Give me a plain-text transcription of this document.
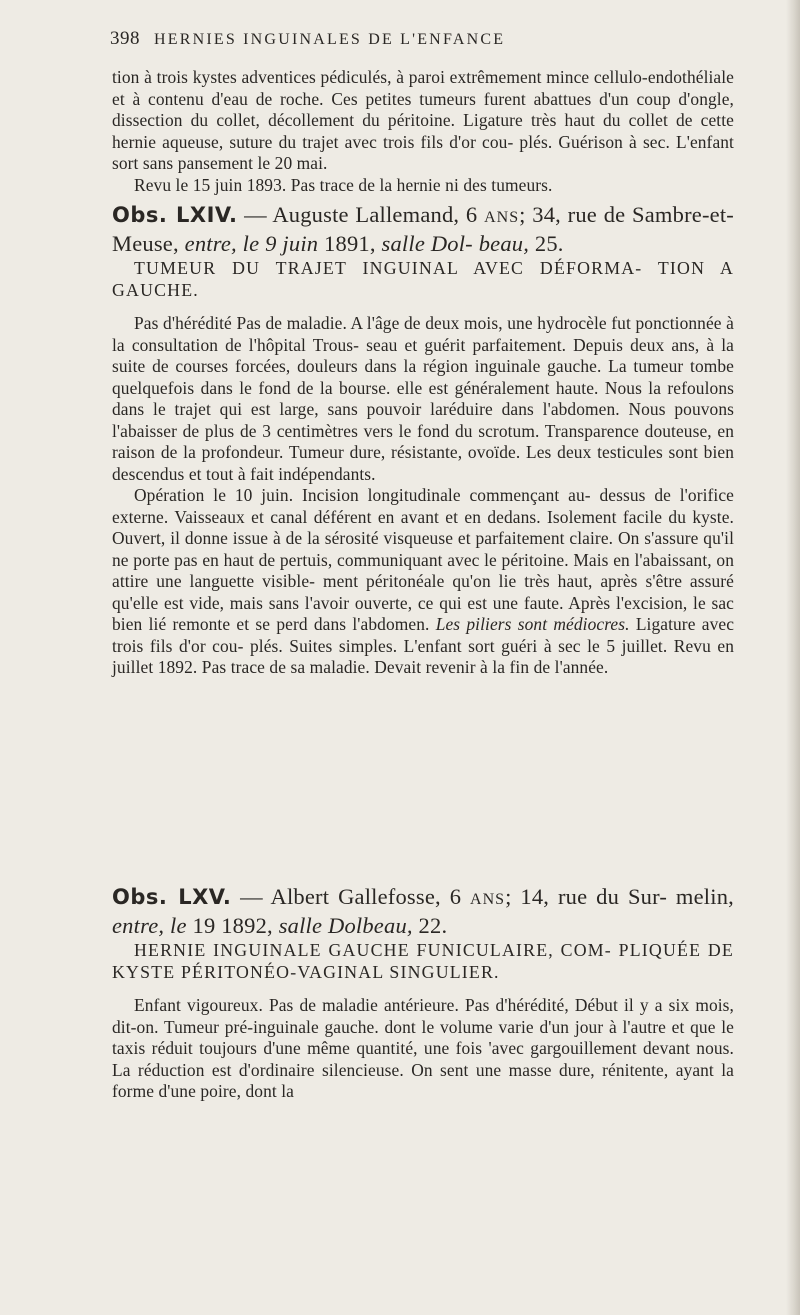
398 HERNIES INGUINALES DE L'ENFANCE

tion à trois kystes adventices pédiculés, à paroi extrêmement mince cellulo-endothéliale et à contenu d'eau de roche. Ces petites tumeurs furent abattues d'un coup d'ongle, dissection du collet, décollement du péritoine. Ligature très haut du collet de cette hernie aqueuse, suture du trajet avec trois fils d'or cou- plés. Guérison à sec. L'enfant sort sans pansement le 20 mai.

Revu le 15 juin 1893. Pas trace de la hernie ni des tumeurs.

Obs. LXIV. — Auguste Lallemand, 6 ans; 34, rue de Sambre-et-Meuse, entre, le 9 juin 1891, salle Dol- beau, 25.

TUMEUR DU TRAJET INGUINAL AVEC DÉFORMA- TION A GAUCHE.

Pas d'hérédité Pas de maladie. A l'âge de deux mois, une hydrocèle fut ponctionnée à la consultation de l'hôpital Trous- seau et guérit parfaitement. Depuis deux ans, à la suite de courses forcées, douleurs dans la région inguinale gauche. La tumeur tombe quelquefois dans le fond de la bourse. elle est généralement haute. Nous la refoulons dans le trajet qui est large, sans pouvoir laréduire dans l'abdomen. Nous pouvons l'abaisser de plus de 3 centimètres vers le fond du scrotum. Transparence douteuse, en raison de la profondeur. Tumeur dure, résistante, ovoïde. Les deux testicules sont bien descendus et tout à fait indépendants.

Opération le 10 juin. Incision longitudinale commençant au- dessus de l'orifice externe. Vaisseaux et canal déférent en avant et en dedans. Isolement facile du kyste. Ouvert, il donne issue à de la sérosité visqueuse et parfaitement claire. On s'assure qu'il ne porte pas en haut de pertuis, communiquant avec le péritoine. Mais en l'abaissant, on attire une languette visible- ment péritonéale qu'on lie très haut, après s'être assuré qu'elle est vide, mais sans l'avoir ouverte, ce qui est une faute. Après l'excision, le sac bien lié remonte et se perd dans l'abdomen. Les piliers sont médiocres. Ligature avec trois fils d'or cou- plés. Suites simples. L'enfant sort guéri à sec le 5 juillet. Revu en juillet 1892. Pas trace de sa maladie. Devait revenir à la fin de l'année.

Obs. LXV. — Albert Gallefosse, 6 ans; 14, rue du Sur- melin, entre, le 19 1892, salle Dolbeau, 22.

HERNIE INGUINALE GAUCHE FUNICULAIRE, COM- PLIQUÉE DE KYSTE PÉRITONÉO-VAGINAL SINGULIER.

Enfant vigoureux. Pas de maladie antérieure. Pas d'hérédité, Début il y a six mois, dit-on. Tumeur pré-inguinale gauche. dont le volume varie d'un jour à l'autre et que le taxis réduit toujours d'une même quantité, une fois 'avec gargouillement devant nous. La réduction est d'ordinaire silencieuse. On sent une masse dure, rénitente, ayant la forme d'une poire, dont la
